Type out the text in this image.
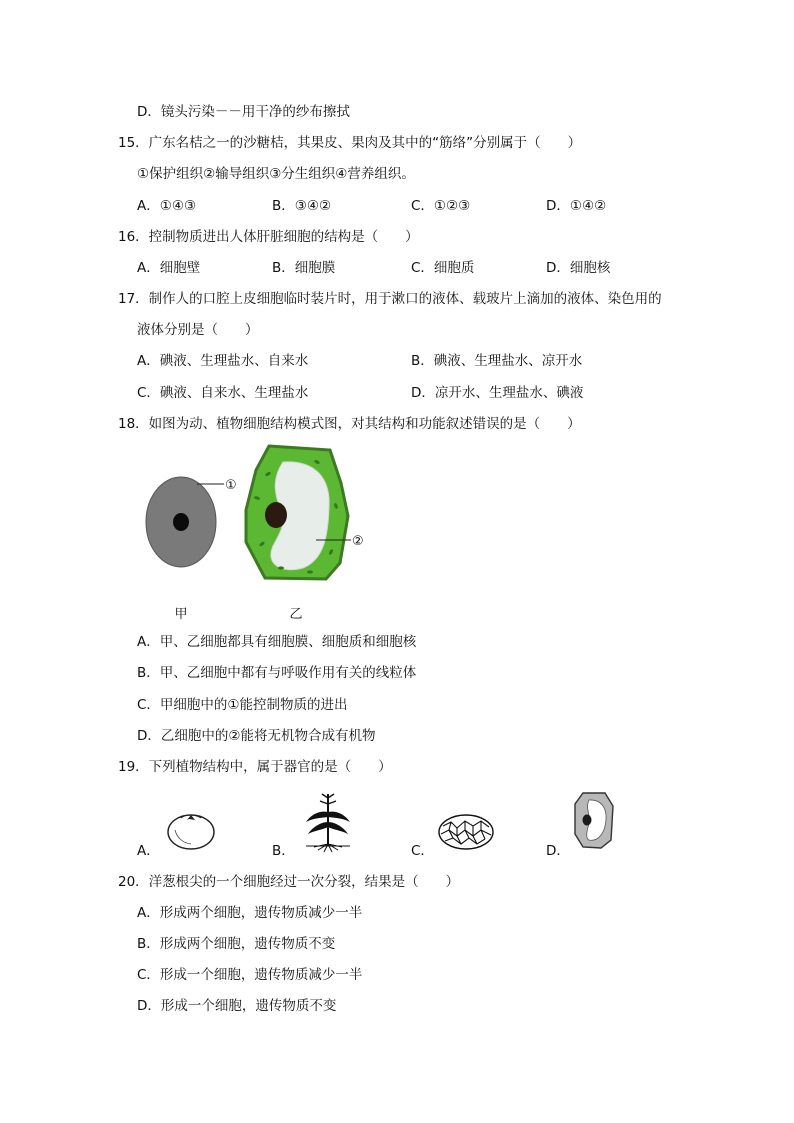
D．镜头污染－－用干净的纱布擦拭
15．广东名桔之一的沙糖桔，其果皮、果肉及其中的“筋络”分别属于（　　）
①保护组织②输导组织③分生组织④营养组织。
A．①④③	B．③④②	C．①②③	D．①④②
16．控制物质进出人体肝脏细胞的结构是（　　）
A．细胞壁	B．细胞膜	C．细胞质	D．细胞核
17．制作人的口腔上皮细胞临时装片时，用于漱口的液体、载玻片上滴加的液体、染色用的
液体分别是（　　）
A．碘液、生理盐水、自来水	B．碘液、生理盐水、凉开水
C．碘液、自来水、生理盐水	D．凉开水、生理盐水、碘液
18．如图为动、植物细胞结构模式图，对其结构和功能叙述错误的是（　　）
①
②
甲	乙
A．甲、乙细胞都具有细胞膜、细胞质和细胞核
B．甲、乙细胞中都有与呼吸作用有关的线粒体
C．甲细胞中的①能控制物质的进出
D．乙细胞中的②能将无机物合成有机物
19．下列植物结构中，属于器官的是（　　）
A．	B．	C．	D．
20．洋葱根尖的一个细胞经过一次分裂，结果是（　　）
A．形成两个细胞，遗传物质减少一半
B．形成两个细胞，遗传物质不变
C．形成一个细胞，遗传物质减少一半
D．形成一个细胞，遗传物质不变
